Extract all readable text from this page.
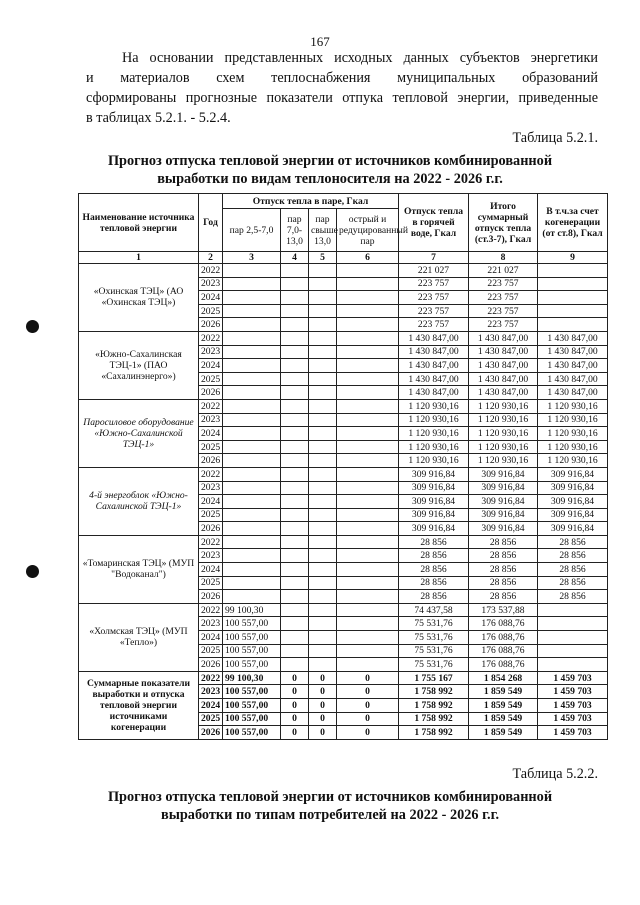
167

На основании представленных исходных данных субъектов энергетики

и материалов схем теплоснабжения муниципальных образований

сформированы прогнозные показатели отпука тепловой энергии, приведенные

в таблицах 5.2.1. - 5.2.4.

Таблица 5.2.1.
Прогноз отпуска тепловой энергии от источников комбинированной
выработки по видам теплоносителя на 2022 - 2026 г.г.
Наименование источника тепловой энергии	Год	Отпуск тепла в паре, Гкал				Отпуск тепла в горячей воде, Гкал	Итого суммарный отпуск тепла (ст.3-7), Гкал	В т.ч.за счет когенерации (от ст.8), Гкал
		пар 2,5-7,0	пар 7,0-13,0	пар свыше 13,0	острый и редуцированный пар			
1	2	3	4	5	6	7	8	9
«Охинская ТЭЦ» (АО «Охинская ТЭЦ»)	2022					221 027	221 027	
	2023					223 757	223 757	
	2024					223 757	223 757	
	2025					223 757	223 757	
	2026					223 757	223 757	
«Южно-Сахалинская ТЭЦ-1» (ПАО «Сахалинэнерго»)	2022					1 430 847,00	1 430 847,00	1 430 847,00
	2023					1 430 847,00	1 430 847,00	1 430 847,00
	2024					1 430 847,00	1 430 847,00	1 430 847,00
	2025					1 430 847,00	1 430 847,00	1 430 847,00
	2026					1 430 847,00	1 430 847,00	1 430 847,00
Паросиловое оборудование «Южно-Сахалинской ТЭЦ-1»	2022					1 120 930,16	1 120 930,16	1 120 930,16
	2023					1 120 930,16	1 120 930,16	1 120 930,16
	2024					1 120 930,16	1 120 930,16	1 120 930,16
	2025					1 120 930,16	1 120 930,16	1 120 930,16
	2026					1 120 930,16	1 120 930,16	1 120 930,16
4-й энергоблок «Южно-Сахалинской ТЭЦ-1»	2022					309 916,84	309 916,84	309 916,84
	2023					309 916,84	309 916,84	309 916,84
	2024					309 916,84	309 916,84	309 916,84
	2025					309 916,84	309 916,84	309 916,84
	2026					309 916,84	309 916,84	309 916,84
«Томаринская ТЭЦ» (МУП "Водоканал")	2022					28 856	28 856	28 856
	2023					28 856	28 856	28 856
	2024					28 856	28 856	28 856
	2025					28 856	28 856	28 856
	2026					28 856	28 856	28 856
«Холмская ТЭЦ» (МУП «Тепло»)	2022	99 100,30				74 437,58	173 537,88	
	2023	100 557,00				75 531,76	176 088,76	
	2024	100 557,00				75 531,76	176 088,76	
	2025	100 557,00				75 531,76	176 088,76	
	2026	100 557,00				75 531,76	176 088,76	
Суммарные показатели выработки и отпуска тепловой энергии источниками когенерации	2022	99 100,30	0	0	0	1 755 167	1 854 268	1 459 703
	2023	100 557,00	0	0	0	1 758 992	1 859 549	1 459 703
	2024	100 557,00	0	0	0	1 758 992	1 859 549	1 459 703
	2025	100 557,00	0	0	0	1 758 992	1 859 549	1 459 703
	2026	100 557,00	0	0	0	1 758 992	1 859 549	1 459 703
Таблица 5.2.2.
Прогноз отпуска тепловой энергии от источников комбинированной
выработки по типам потребителей на 2022 - 2026 г.г.
